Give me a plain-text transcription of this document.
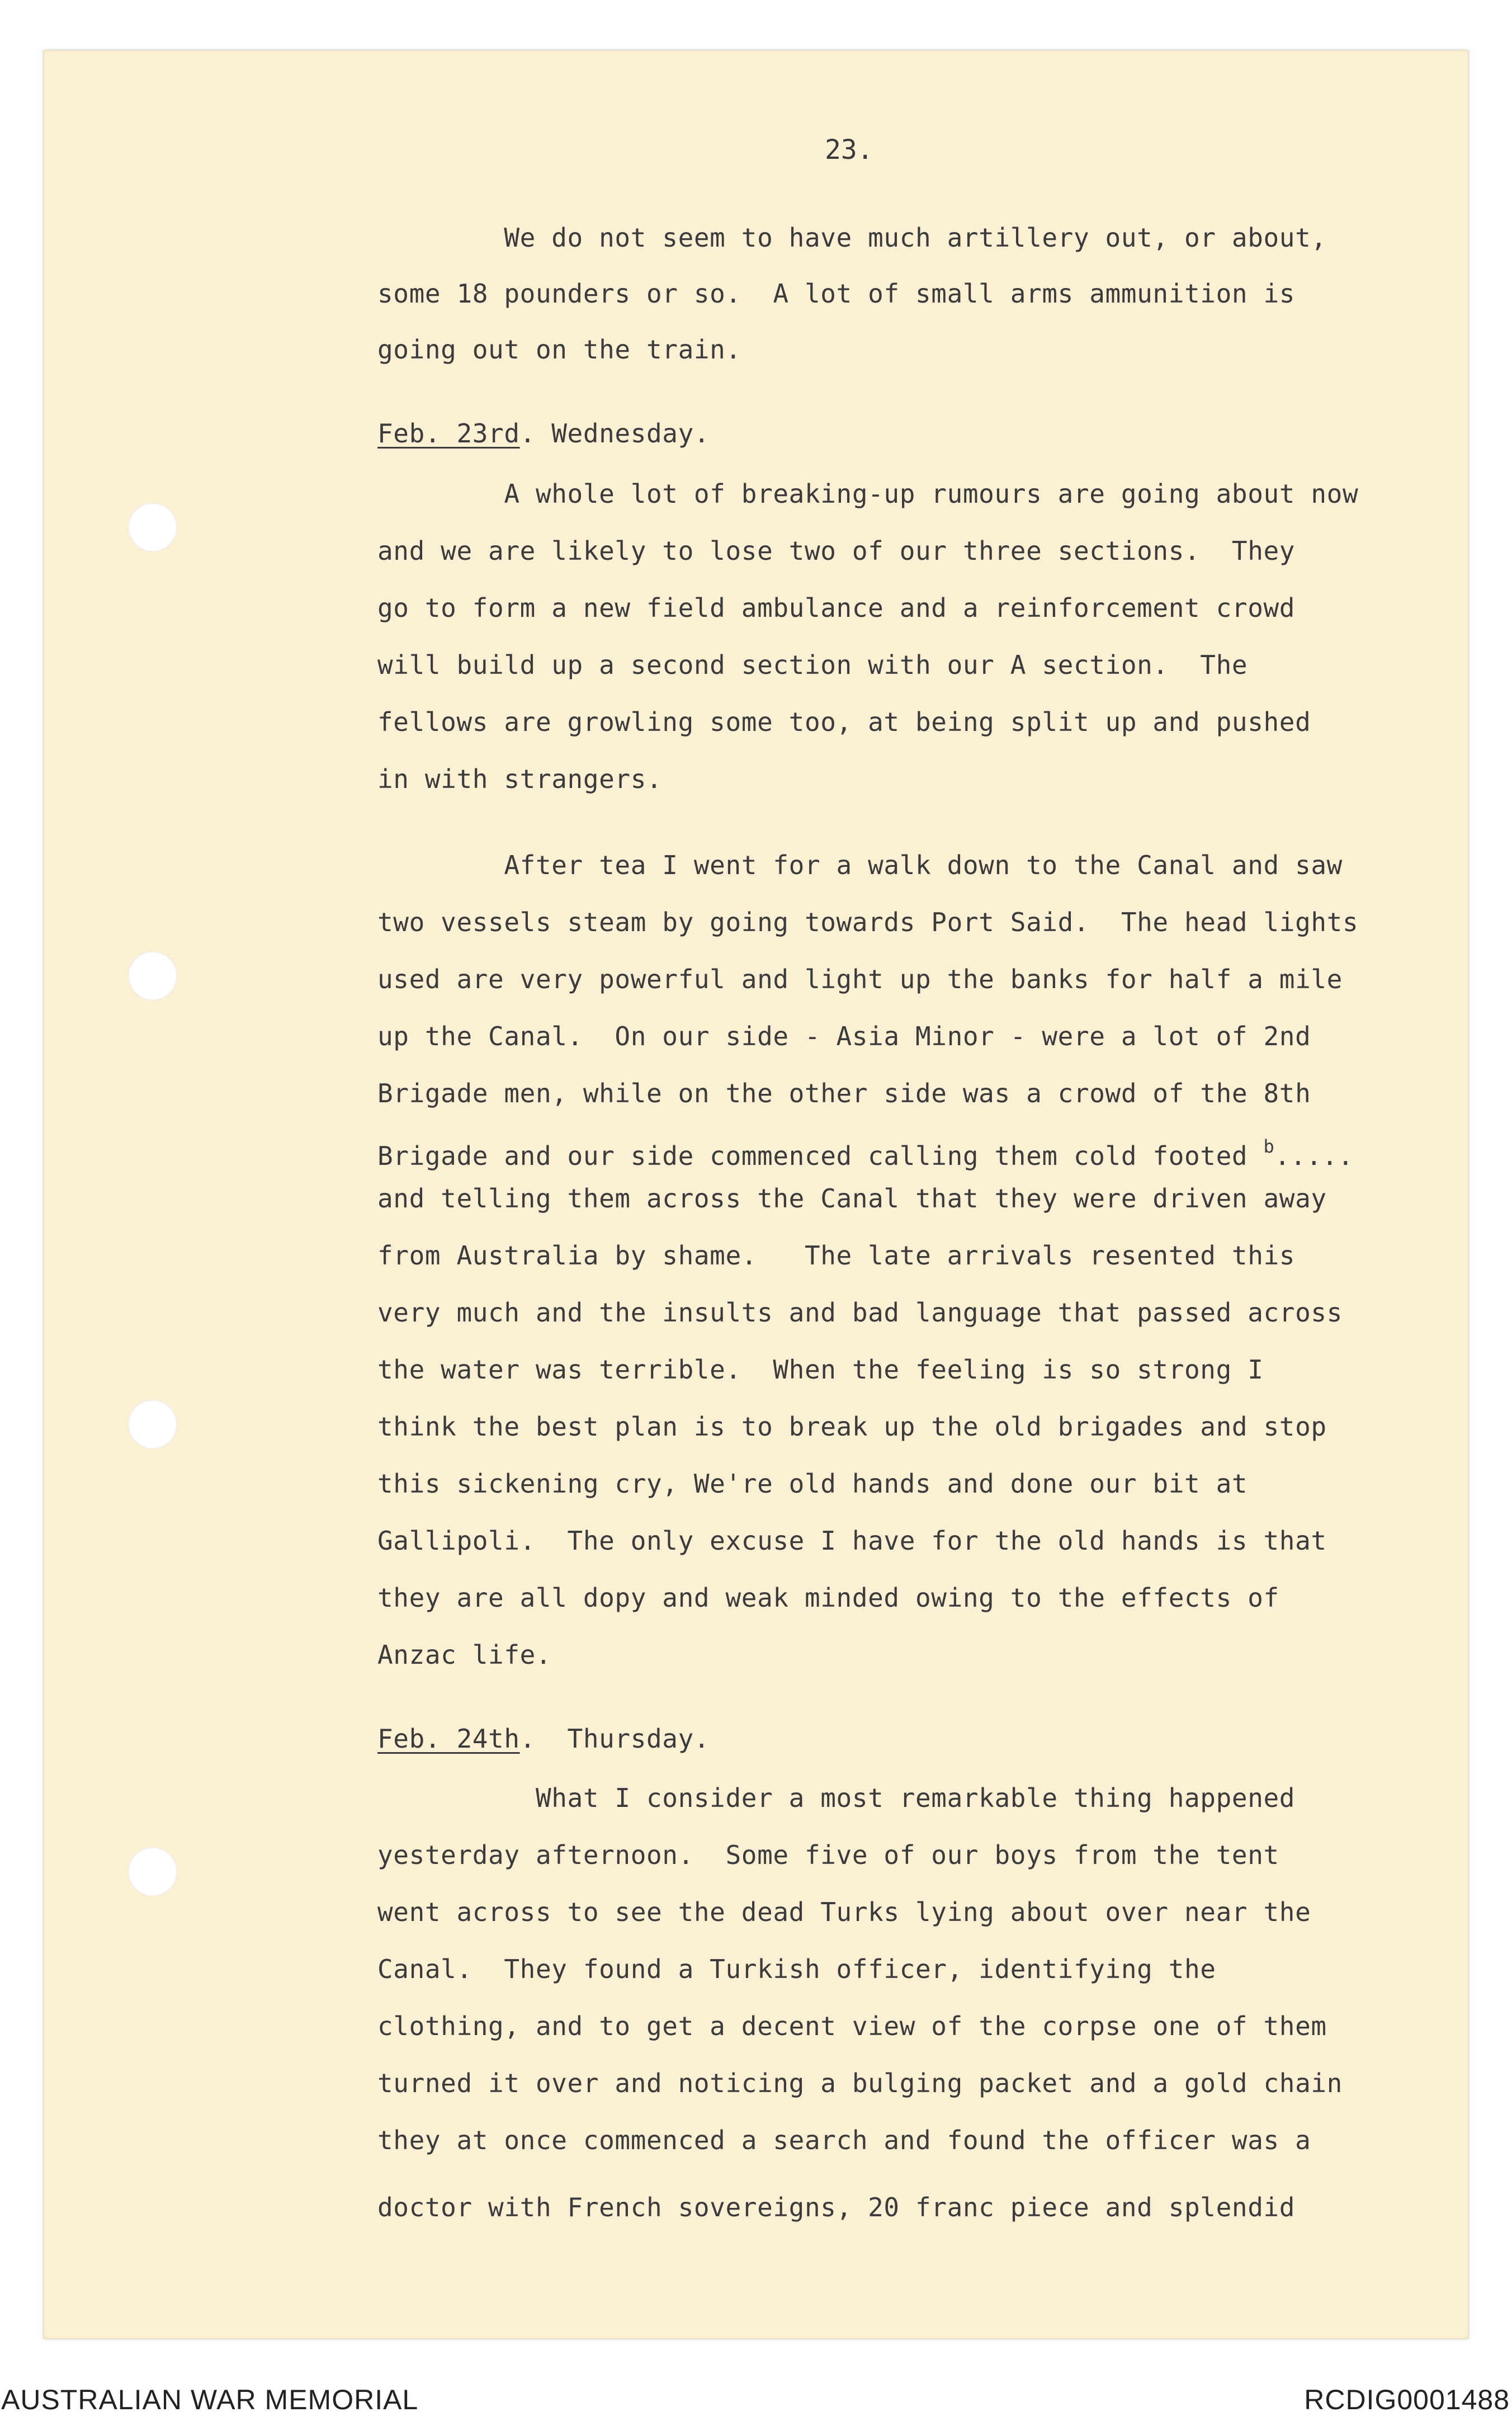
23.
We do not seem to have much artillery out, or about,
some 18 pounders or so.  A lot of small arms ammunition is
going out on the train.
Feb. 23rd. Wednesday.
A whole lot of breaking-up rumours are going about now
and we are likely to lose two of our three sections.  They
go to form a new field ambulance and a reinforcement crowd
will build up a second section with our A section.  The
fellows are growling some too, at being split up and pushed
in with strangers.
After tea I went for a walk down to the Canal and saw
two vessels steam by going towards Port Said.  The head lights
used are very powerful and light up the banks for half a mile
up the Canal.  On our side - Asia Minor - were a lot of 2nd
Brigade men, while on the other side was a crowd of the 8th
Brigade and our side commenced calling them cold footed $^b$.....
and telling them across the Canal that they were driven away
from Australia by shame.   The late arrivals resented this
very much and the insults and bad language that passed across
the water was terrible.  When the feeling is so strong I
think the best plan is to break up the old brigades and stop
this sickening cry, We're old hands and done our bit at
Gallipoli.  The only excuse I have for the old hands is that
they are all dopy and weak minded owing to the effects of
Anzac life.
Feb. 24th.  Thursday.
What I consider a most remarkable thing happened
yesterday afternoon.  Some five of our boys from the tent
went across to see the dead Turks lying about over near the
Canal.  They found a Turkish officer, identifying the
clothing, and to get a decent view of the corpse one of them
turned it over and noticing a bulging packet and a gold chain
they at once commenced a search and found the officer was a
doctor with French sovereigns, 20 franc piece and splendid
AUSTRALIAN WAR MEMORIAL	RCDIG0001488
